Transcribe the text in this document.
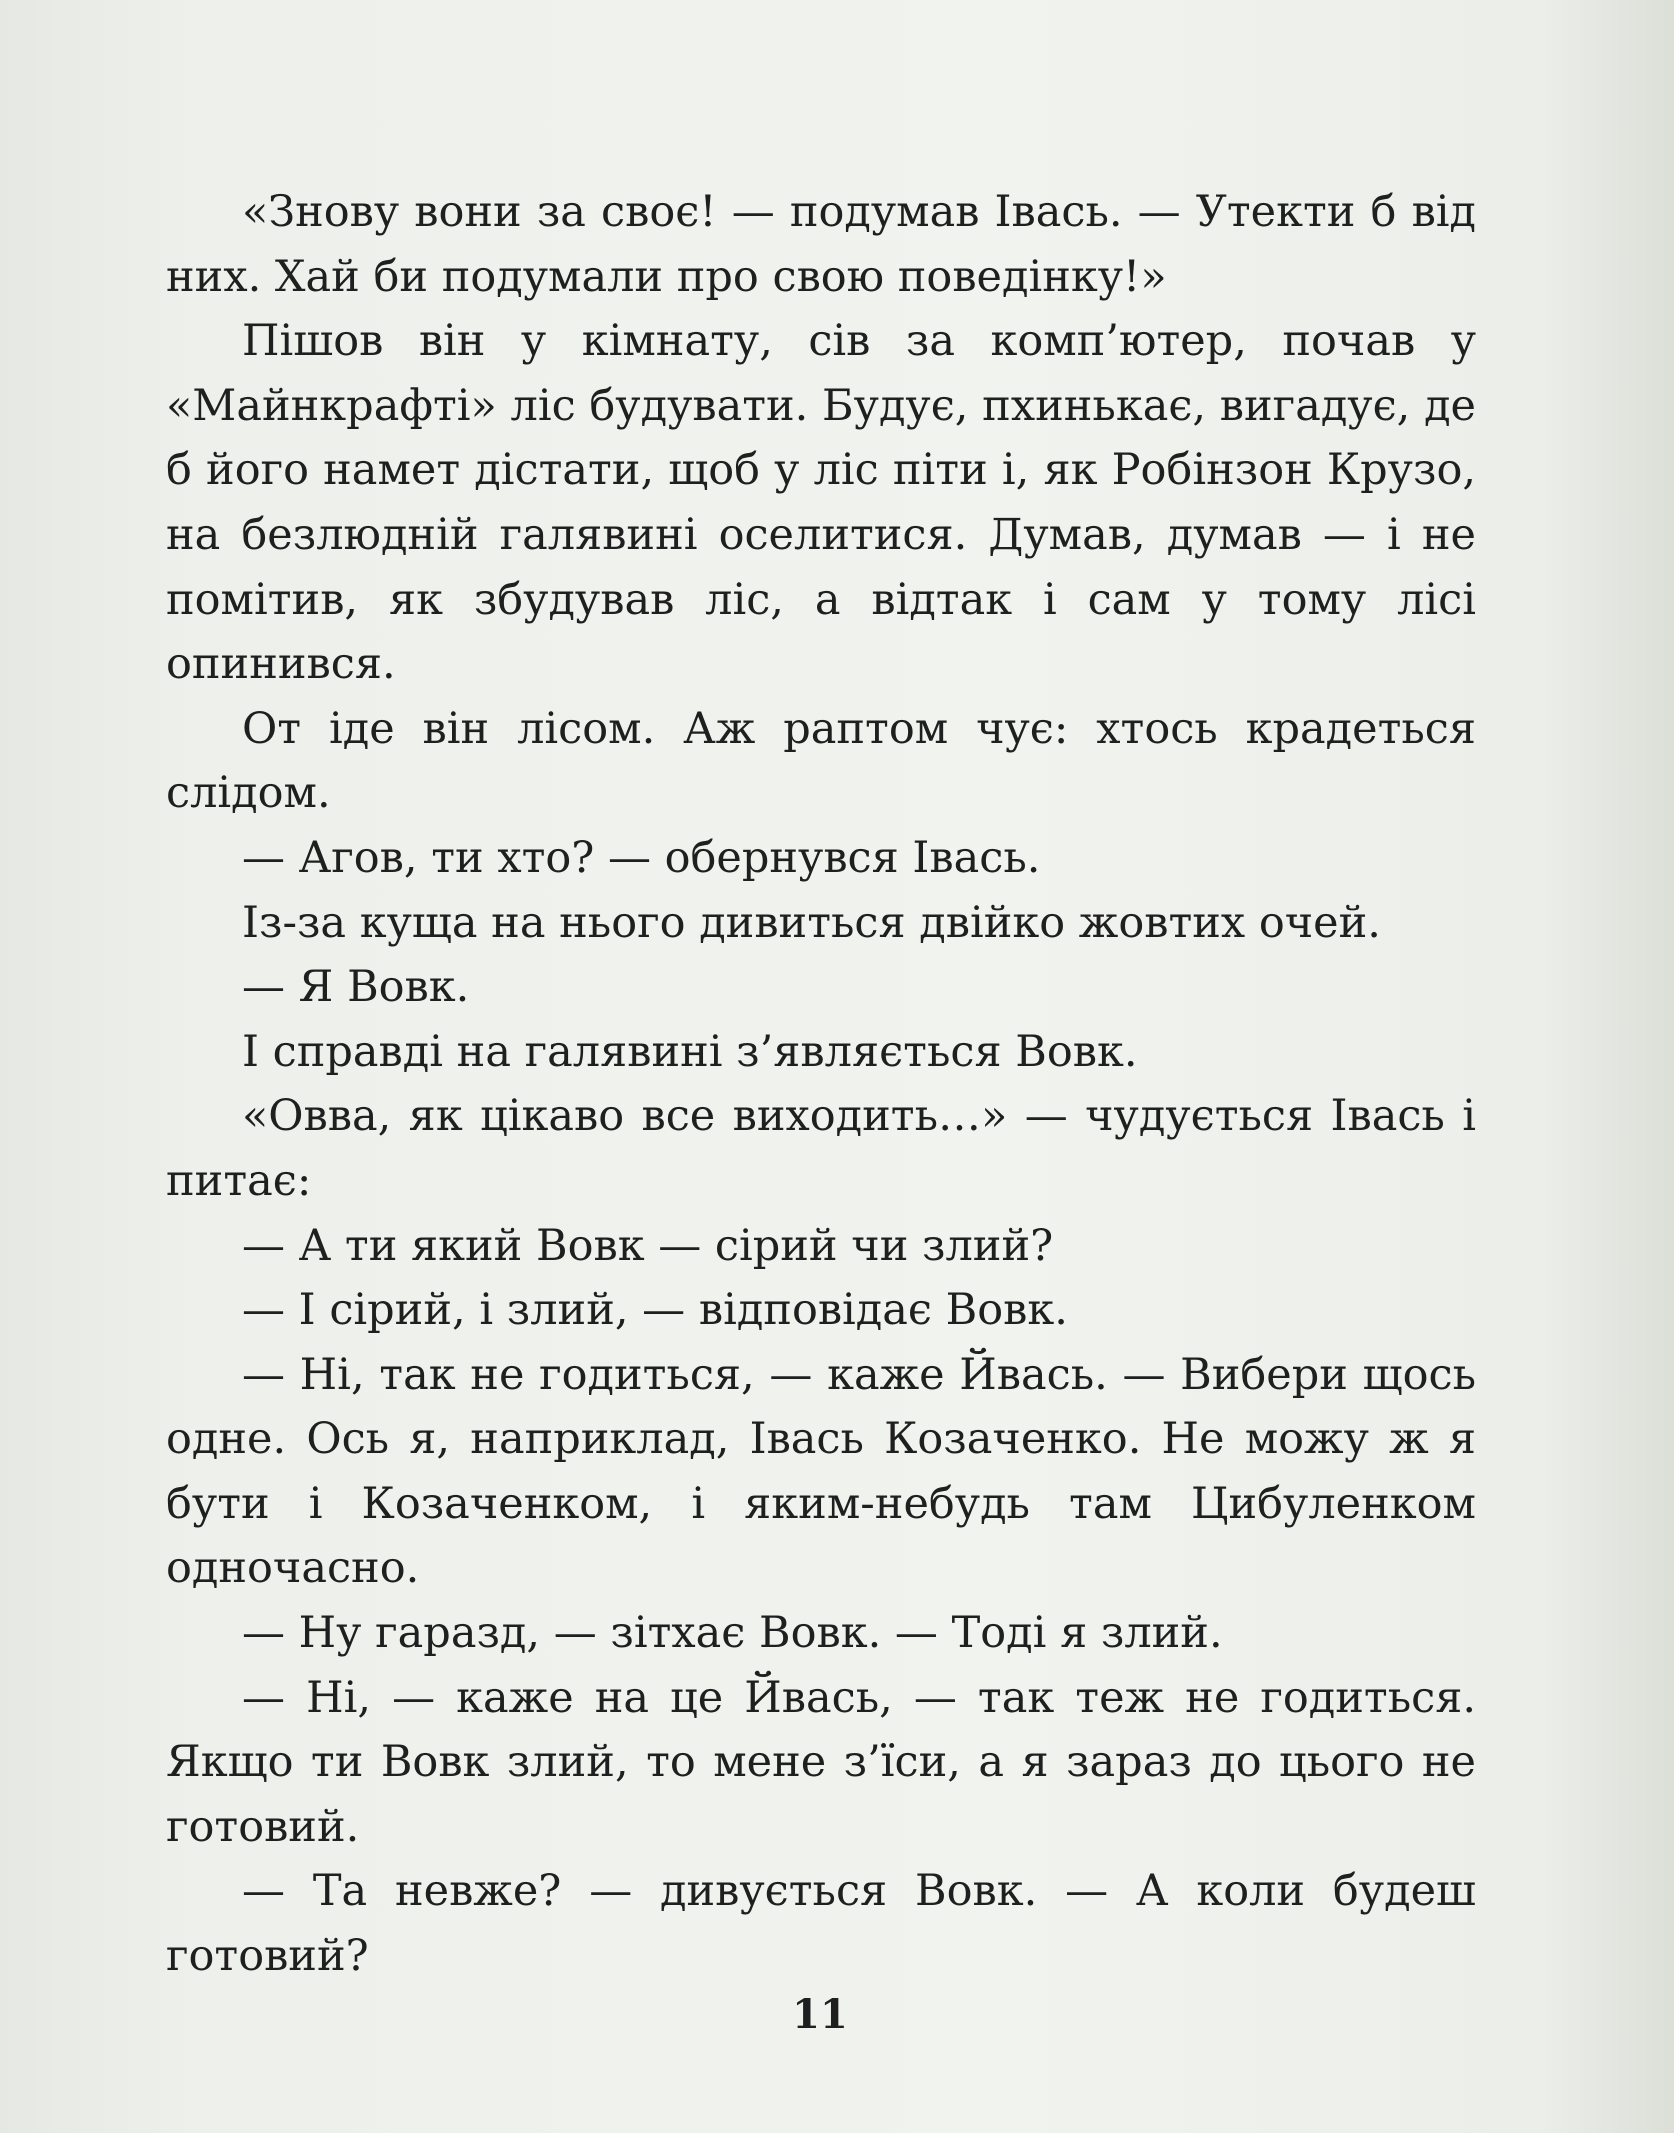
«Знову вони за своє! — подумав Івась. — Утекти б від них. Хай би подумали про свою поведінку!»

Пішов він у кімнату, сів за комп’ютер, почав у «Майнкрафті» ліс будувати. Будує, пхинькає, вигадує, де б його намет дістати, щоб у ліс піти і, як Робінзон Крузо, на безлюдній галявині оселитися. Думав, думав — і не помітив, як збудував ліс, а відтак і сам у тому лісі опинився.

От іде він лісом. Аж раптом чує: хтось крадеться слідом.

— Агов, ти хто? — обернувся Івась.

Із-за куща на нього дивиться двійко жовтих очей.

— Я Вовк.

І справді на галявині з’являється Вовк.

«Овва, як цікаво все виходить…» — чудується Івась і питає:

— А ти який Вовк — сірий чи злий?

— І сірий, і злий, — відповідає Вовк.

— Ні, так не годиться, — каже Йвась. — Вибери щось одне. Ось я, наприклад, Івась Козаченко. Не можу ж я бути і Козаченком, і яким-небудь там Цибуленком одночасно.

— Ну гаразд, — зітхає Вовк. — Тоді я злий.

— Ні, — каже на це Йвась, — так теж не годиться. Якщо ти Вовк злий, то мене з’їси, а я зараз до цього не готовий.

— Та невже? — дивується Вовк. — А коли будеш готовий?

11
